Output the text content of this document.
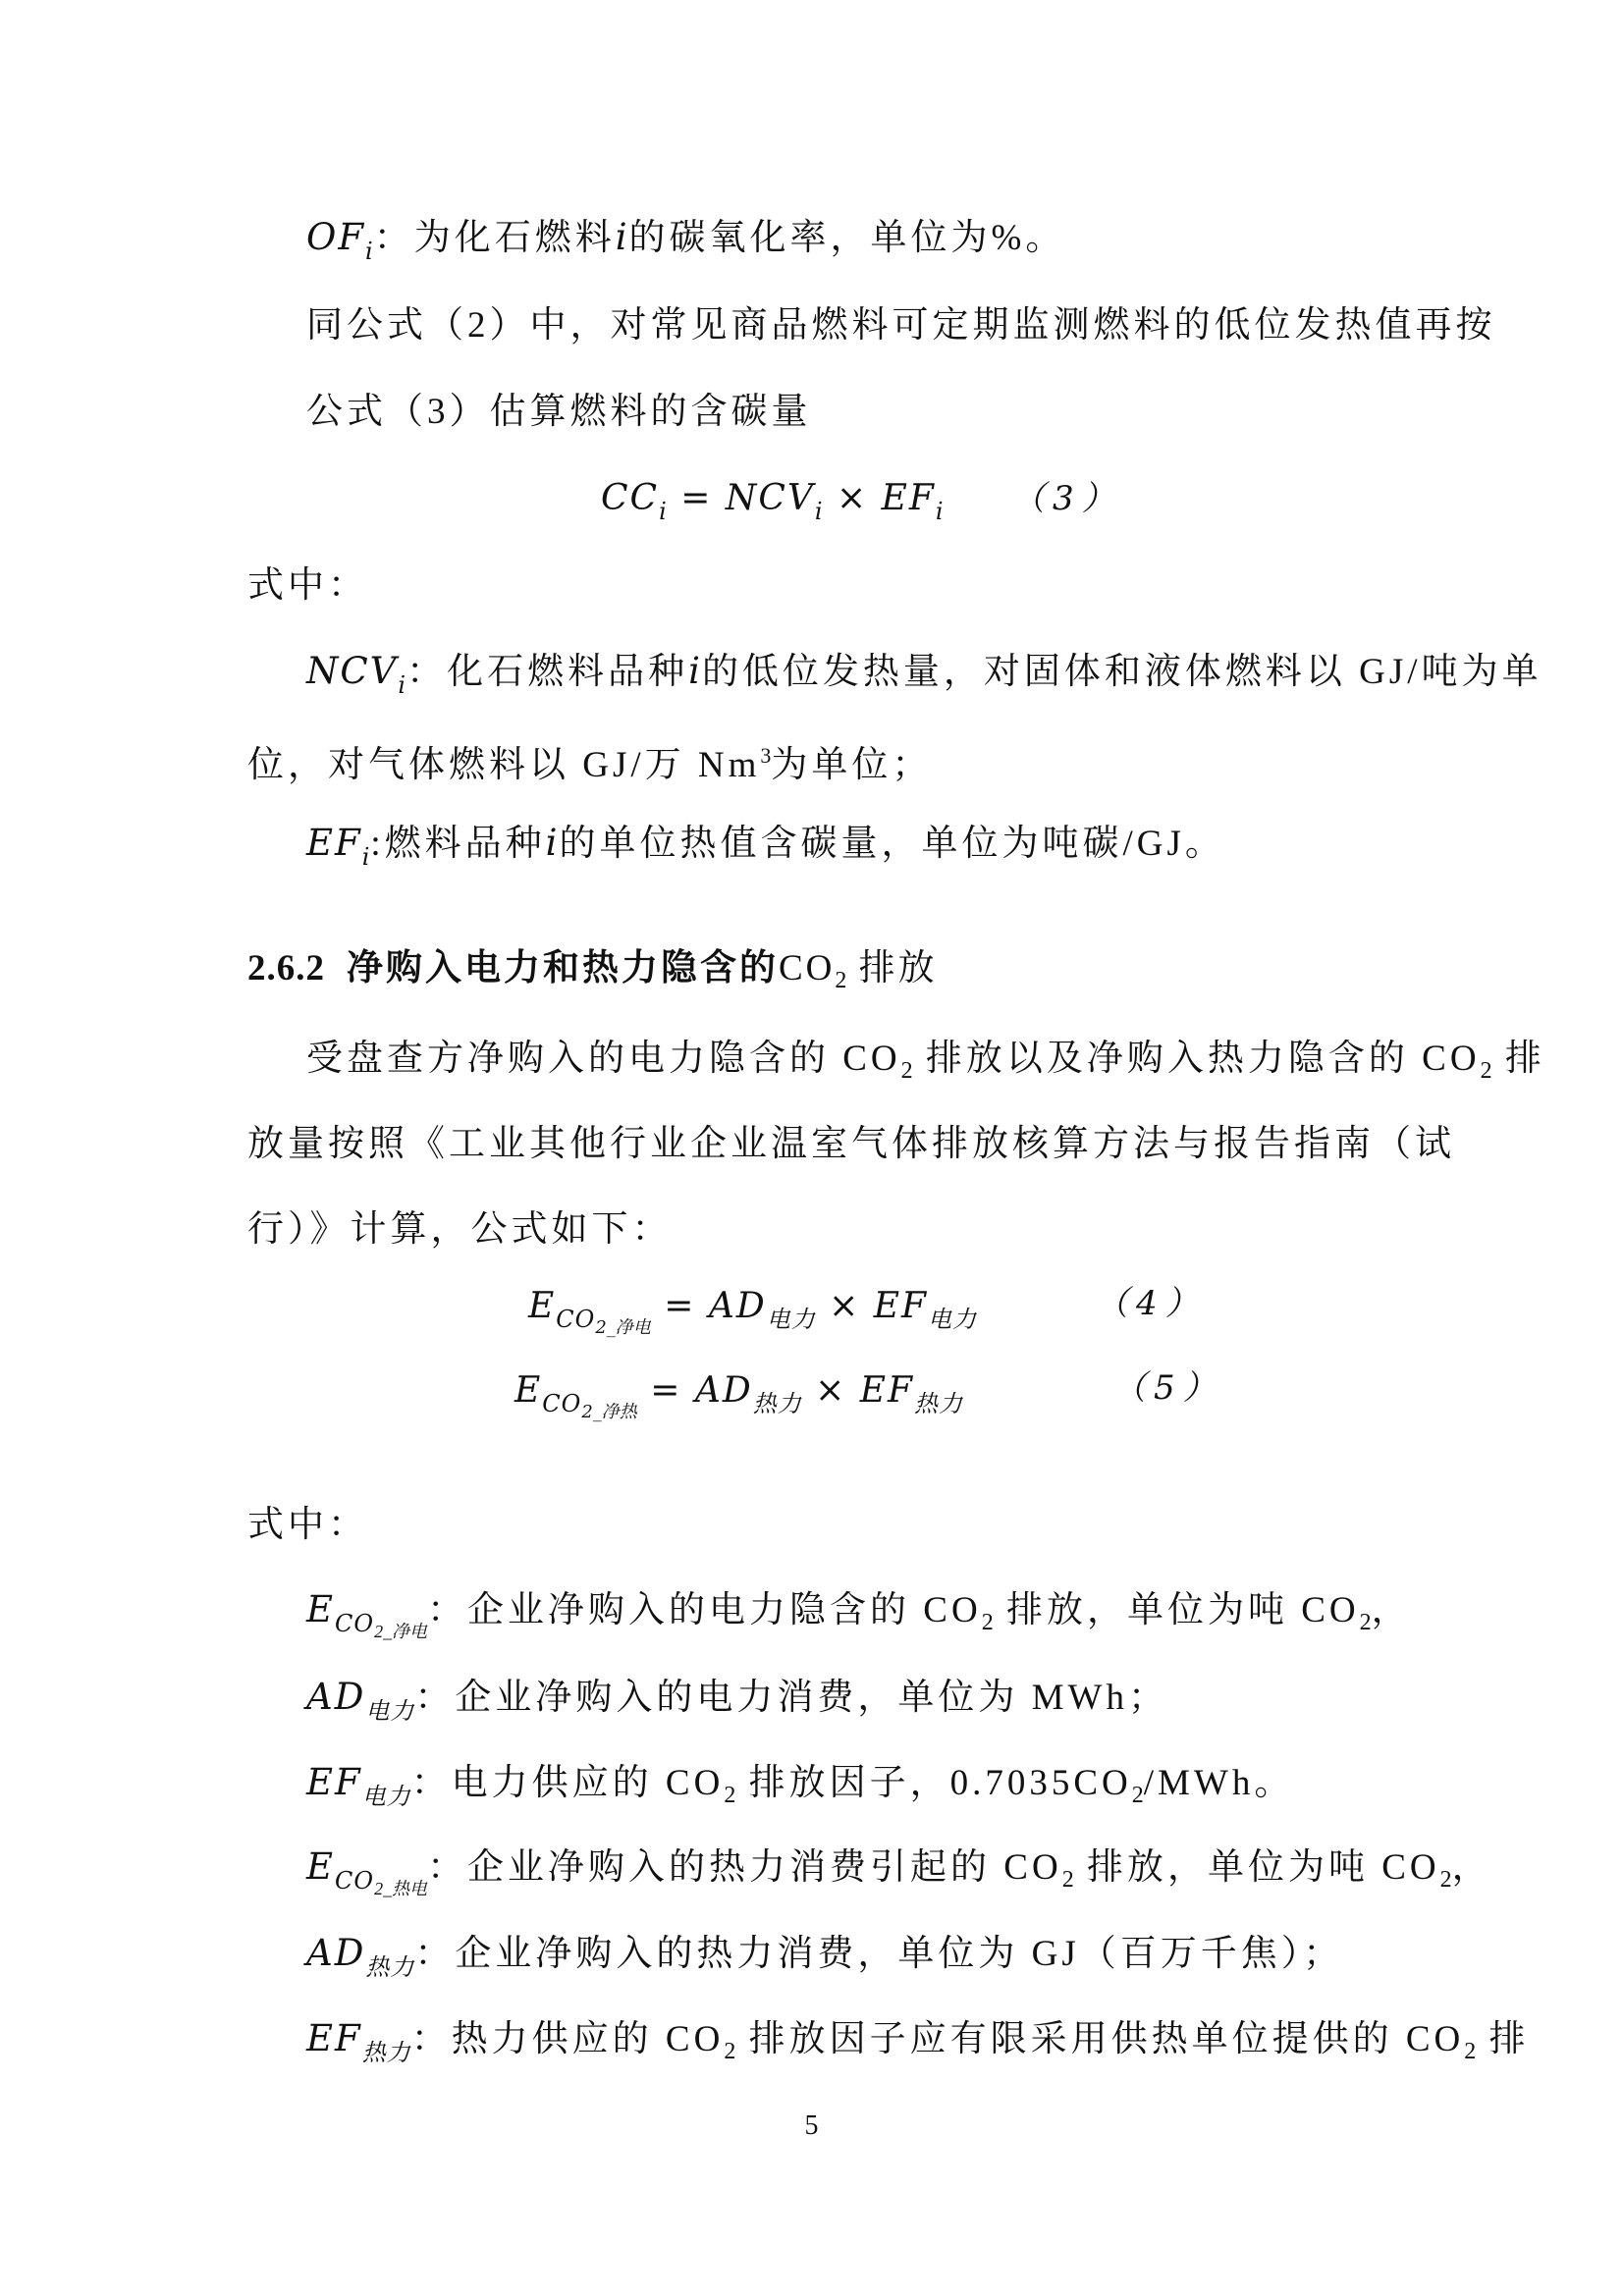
$OF_i$：为化石燃料i的碳氧化率，单位为%。
同公式（2）中，对常见商品燃料可定期监测燃料的低位发热值再按
公式（3）估算燃料的含碳量
$CC_i = NCV_i \times EF_i$ （3）
式中：
$NCV_i$：化石燃料品种i的低位发热量，对固体和液体燃料以 GJ/吨为单
位，对气体燃料以 GJ/万 Nm$^3$为单位；
$EF_i$:燃料品种i的单位热值含碳量，单位为吨碳/GJ。
2.6.2 净购入电力和热力隐含的$CO_2$ 排放
受盘查方净购入的电力隐含的 $CO_2$ 排放以及净购入热力隐含的 $CO_2$ 排
放量按照《工业其他行业企业温室气体排放核算方法与报告指南（试
行）》计算，公式如下：
$E_{CO2\_净电} = AD_{电力} \times EF_{电力}$	（4）
$E_{CO2\_净热} = AD_{热力} \times EF_{热力}$	（5）
式中：
$E_{CO2\_净电}$：企业净购入的电力隐含的 $CO_2$ 排放，单位为吨 $CO_2$，
$AD_{电力}$：企业净购入的电力消费，单位为 MWh；
$EF_{电力}$：电力供应的 $CO_2$ 排放因子，$0.7035CO_2$/MWh。
$E_{CO2\_热电}$：企业净购入的热力消费引起的 $CO_2$ 排放，单位为吨 $CO_2$，
$AD_{热力}$：企业净购入的热力消费，单位为 GJ（百万千焦）；
$EF_{热力}$：热力供应的 $CO_2$ 排放因子应有限采用供热单位提供的 $CO_2$ 排
5
